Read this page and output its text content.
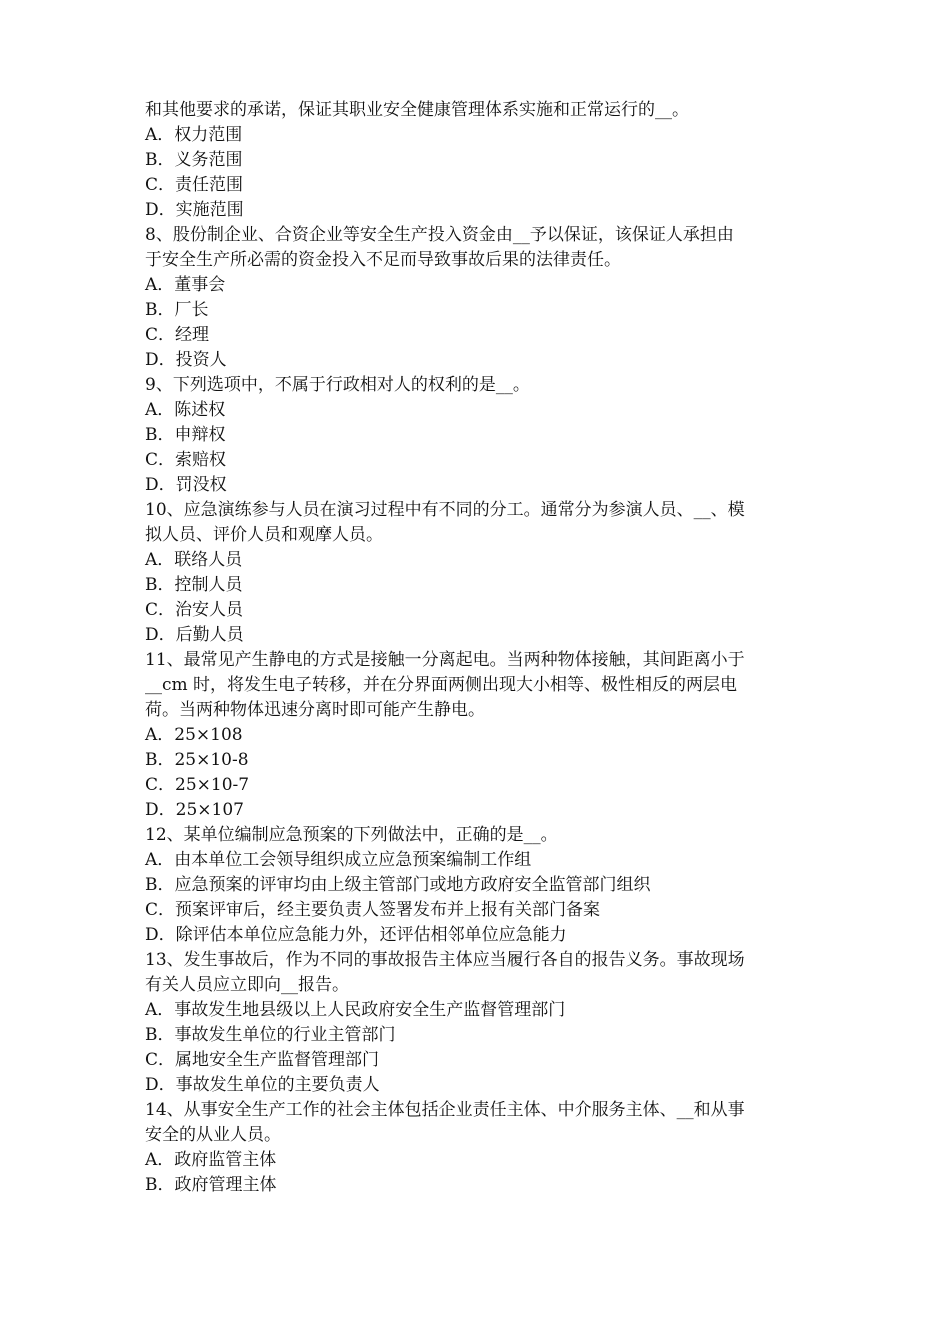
和其他要求的承诺，保证其职业安全健康管理体系实施和正常运行的__。
A．权力范围
B．义务范围
C．责任范围
D．实施范围
8、股份制企业、合资企业等安全生产投入资金由__予以保证，该保证人承担由
于安全生产所必需的资金投入不足而导致事故后果的法律责任。
A．董事会
B．厂长
C．经理
D．投资人
9、下列选项中，不属于行政相对人的权利的是__。
A．陈述权
B．申辩权
C．索赔权
D．罚没权
10、应急演练参与人员在演习过程中有不同的分工。通常分为参演人员、__、模
拟人员、评价人员和观摩人员。
A．联络人员
B．控制人员
C．治安人员
D．后勤人员
11、最常见产生静电的方式是接触一分离起电。当两种物体接触，其间距离小于
__cm 时，将发生电子转移，并在分界面两侧出现大小相等、极性相反的两层电
荷。当两种物体迅速分离时即可能产生静电。
A．25×108
B．25×10-8
C．25×10-7
D．25×107
12、某单位编制应急预案的下列做法中，正确的是__。
A．由本单位工会领导组织成立应急预案编制工作组
B．应急预案的评审均由上级主管部门或地方政府安全监管部门组织
C．预案评审后，经主要负责人签署发布并上报有关部门备案
D．除评估本单位应急能力外，还评估相邻单位应急能力
13、发生事故后，作为不同的事故报告主体应当履行各自的报告义务。事故现场
有关人员应立即向__报告。
A．事故发生地县级以上人民政府安全生产监督管理部门
B．事故发生单位的行业主管部门
C．属地安全生产监督管理部门
D．事故发生单位的主要负责人
14、从事安全生产工作的社会主体包括企业责任主体、中介服务主体、__和从事
安全的从业人员。
A．政府监管主体
B．政府管理主体
